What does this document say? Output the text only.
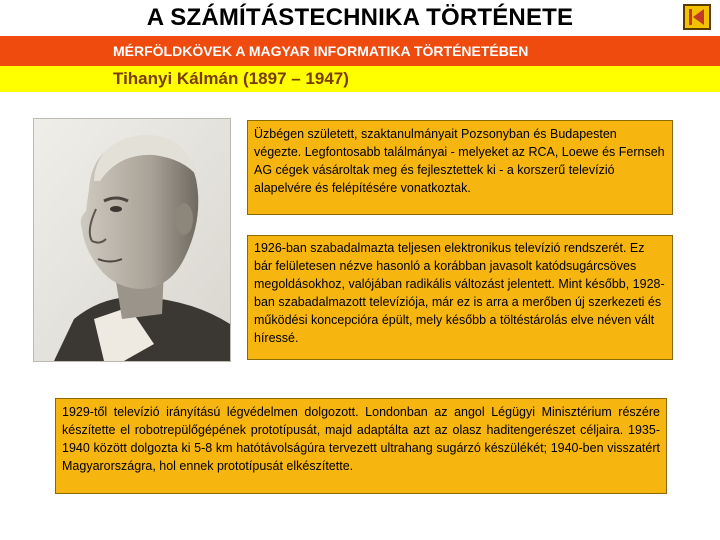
A SZÁMÍTÁSTECHNIKA TÖRTÉNETE
MÉRFÖLDKÖVEK A MAGYAR INFORMATIKA TÖRTÉNETÉBEN
Tihanyi Kálmán (1897 – 1947)
Üzbégen született, szaktanulmányait Pozsonyban és Budapesten végezte. Legfontosabb találmányai - melyeket az RCA, Loewe és Fernseh AG cégek vásároltak meg és fejlesztettek ki - a korszerű televízió alapelvére és felépítésére vonatkoztak.
1926-ban szabadalmazta teljesen elektronikus televízió rendszerét. Ez bár felületesen nézve hasonló a korábban javasolt katódsugárcsöves megoldásokhoz, valójában radikális változást jelentett. Mint később, 1928-ban szabadalmazott televíziója, már ez is arra a merőben új szerkezeti és működési koncepcióra épült, mely később a töltéstárolás elve néven vált híressé.
1929-től televízió irányítású légvédelmen dolgozott. Londonban az angol Légügyi Minisztérium részére készítette el robotrepülőgépének prototípusát, majd adaptálta azt az olasz haditengerészet céljaira. 1935-1940 között dolgozta ki 5-8 km hatótávolságúra tervezett ultrahang sugárzó készülékét; 1940-ben visszatért Magyarországra, hol ennek prototípusát elkészítette.
